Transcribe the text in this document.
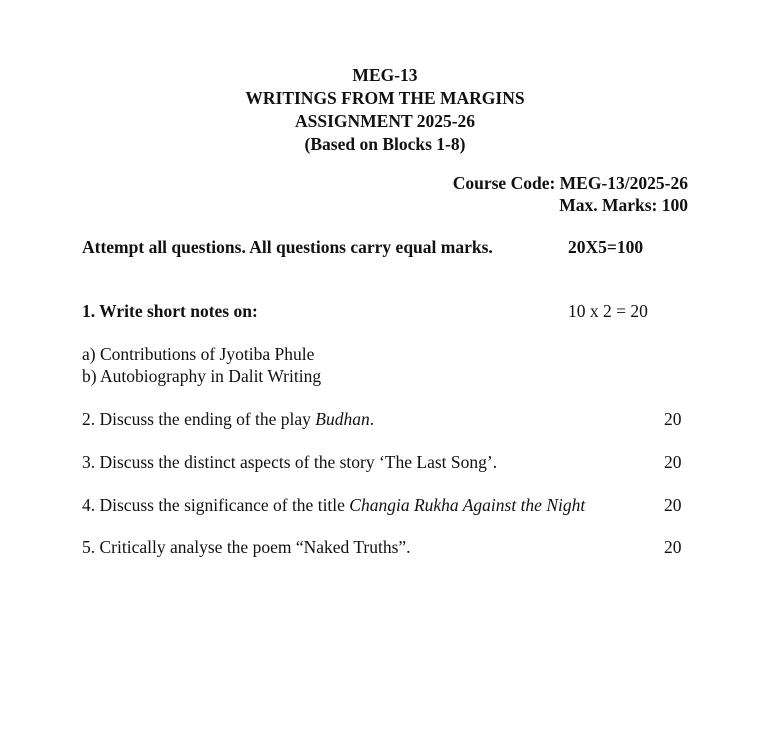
MEG-13
WRITINGS FROM THE MARGINS
ASSIGNMENT 2025-26
(Based on Blocks 1-8)
Course Code: MEG-13/2025-26
Max. Marks: 100
Attempt all questions. All questions carry equal marks.	20X5=100
1. Write short notes on:	10 x 2 = 20
a) Contributions of Jyotiba Phule
b) Autobiography in Dalit Writing
2. Discuss the ending of the play Budhan.	20
3. Discuss the distinct aspects of the story ‘The Last Song’.	20
4. Discuss the significance of the title Changia Rukha Against the Night	20
5. Critically analyse the poem “Naked Truths”.	20
